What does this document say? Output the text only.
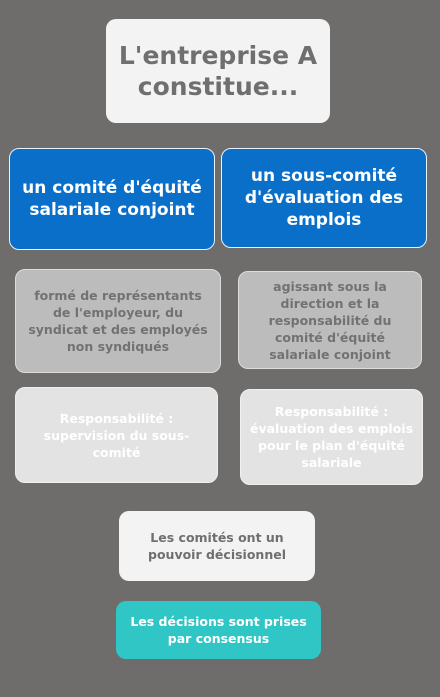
L'entreprise A constitue...
un comité d'équité salariale conjoint
un sous-comité d'évaluation des emplois
formé de représentants de l'employeur, du syndicat et des employés non syndiqués
agissant sous la direction et la responsabilité du comité d'équité salariale conjoint
Responsabilité : supervision du sous-comité
Responsabilité : évaluation des emplois pour le plan d'équité salariale
Les comités ont un pouvoir décisionnel
Les décisions sont prises par consensus
